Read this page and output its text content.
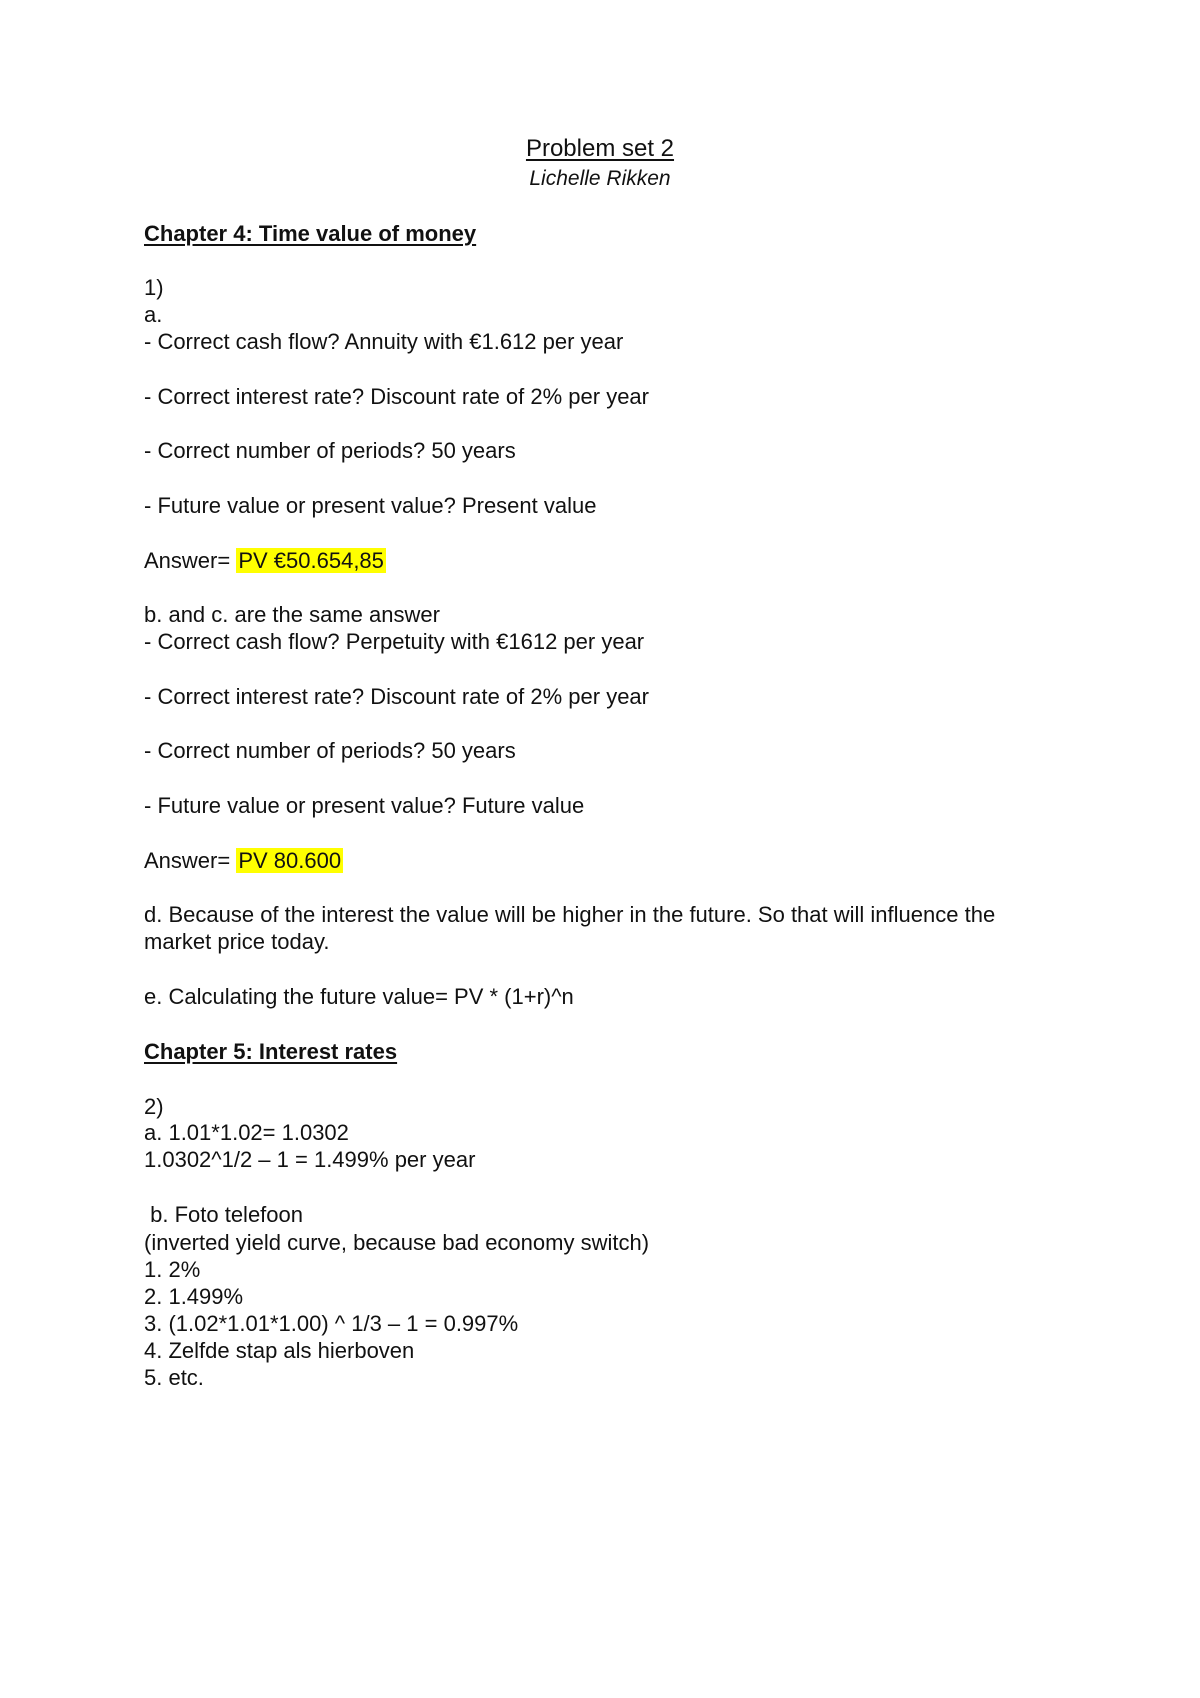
Problem set 2
Lichelle Rikken
Chapter 4: Time value of money
1)
a.
- Correct cash flow? Annuity with €1.612 per year
- Correct interest rate? Discount rate of 2% per year
- Correct number of periods? 50 years
- Future value or present value? Present value
Answer= PV €50.654,85
b. and c. are the same answer
- Correct cash flow? Perpetuity with €1612 per year
- Correct interest rate? Discount rate of 2% per year
- Correct number of periods? 50 years
- Future value or present value? Future value
Answer= PV 80.600
d. Because of the interest the value will be higher in the future. So that will influence the
market price today.
e. Calculating the future value= PV * (1+r)^n
Chapter 5: Interest rates
2)
a. 1.01*1.02= 1.0302
1.0302^1/2 – 1 = 1.499% per year
b. Foto telefoon
(inverted yield curve, because bad economy switch)
1. 2%
2. 1.499%
3. (1.02*1.01*1.00) ^ 1/3 – 1 = 0.997%
4. Zelfde stap als hierboven
5. etc.
